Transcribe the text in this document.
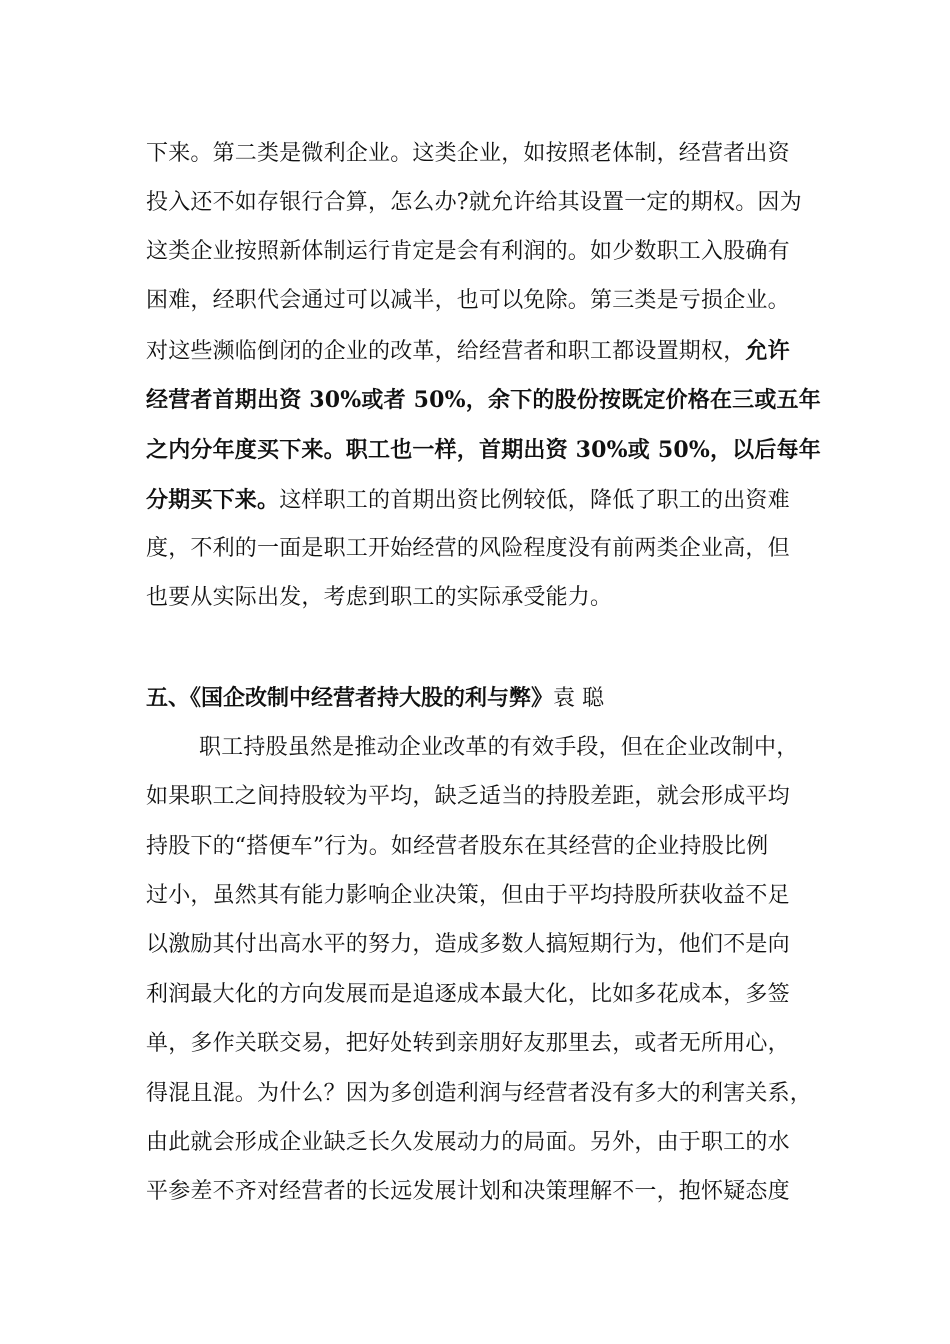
下来。第二类是微利企业。这类企业，如按照老体制，经营者出资
投入还不如存银行合算，怎么办?就允许给其设置一定的期权。因为
这类企业按照新体制运行肯定是会有利润的。如少数职工入股确有
困难，经职代会通过可以减半，也可以免除。第三类是亏损企业。
对这些濒临倒闭的企业的改革，给经营者和职工都设置期权，允许
经营者首期出资 30%或者 50%，余下的股份按既定价格在三或五年
之内分年度买下来。职工也一样，首期出资 30%或 50%，以后每年
分期买下来。这样职工的首期出资比例较低，降低了职工的出资难
度，不利的一面是职工开始经营的风险程度没有前两类企业高，但
也要从实际出发，考虑到职工的实际承受能力。
五、《国企改制中经营者持大股的利与弊》袁 聪
职工持股虽然是推动企业改革的有效手段，但在企业改制中，
如果职工之间持股较为平均，缺乏适当的持股差距，就会形成平均
持股下的“搭便车”行为。如经营者股东在其经营的企业持股比例
过小，虽然其有能力影响企业决策，但由于平均持股所获收益不足
以激励其付出高水平的努力，造成多数人搞短期行为，他们不是向
利润最大化的方向发展而是追逐成本最大化，比如多花成本，多签
单，多作关联交易，把好处转到亲朋好友那里去，或者无所用心，
得混且混。为什么？因为多创造利润与经营者没有多大的利害关系，
由此就会形成企业缺乏长久发展动力的局面。另外，由于职工的水
平参差不齐对经营者的长远发展计划和决策理解不一，抱怀疑态度
